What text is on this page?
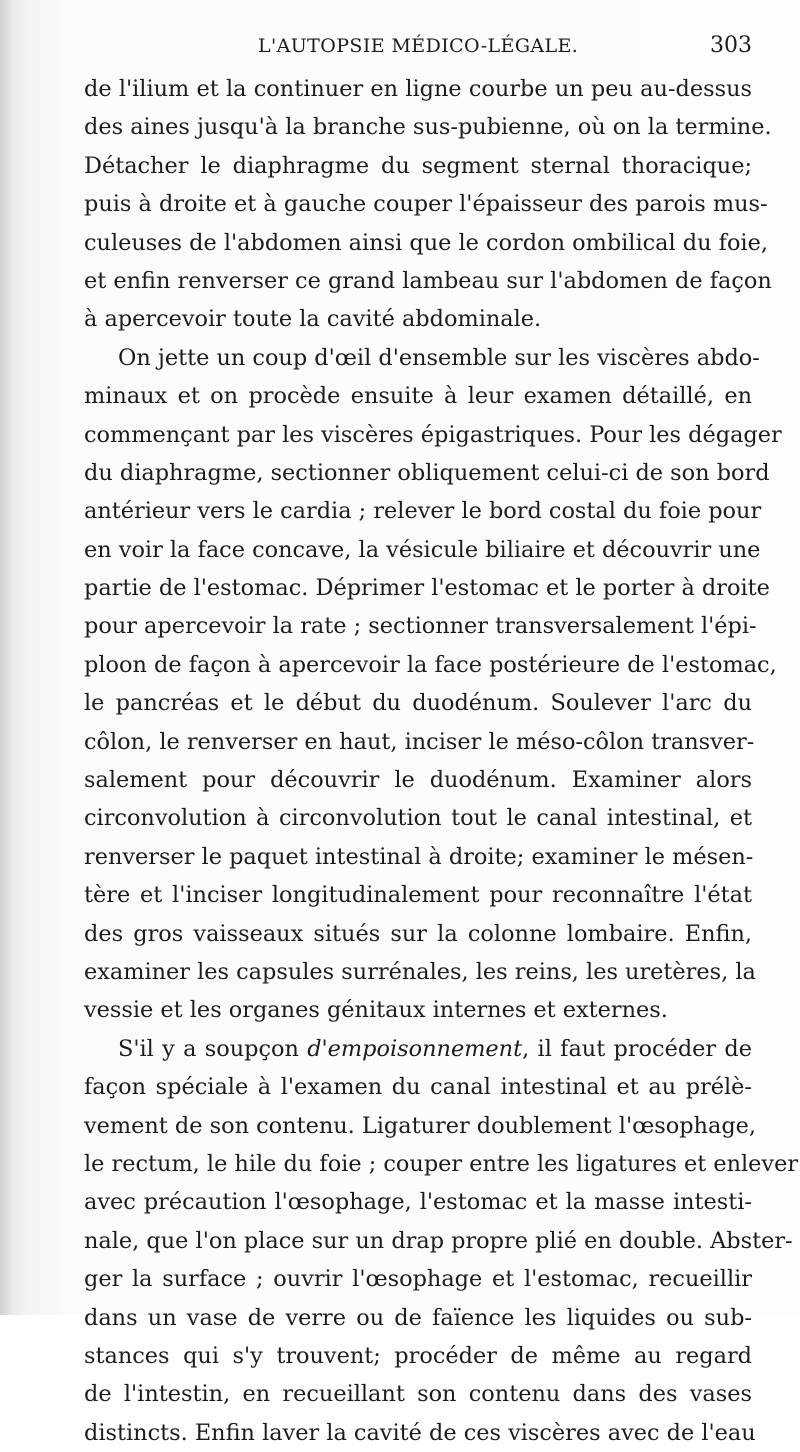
L'AUTOPSIE MÉDICO-LÉGALE.	303
de l'ilium et la continuer en ligne courbe un peu au-dessus
des aines jusqu'à la branche sus-pubienne, où on la termine.
Détacher le diaphragme du segment sternal thoracique;
puis à droite et à gauche couper l'épaisseur des parois mus-
culeuses de l'abdomen ainsi que le cordon ombilical du foie,
et enfin renverser ce grand lambeau sur l'abdomen de façon
à apercevoir toute la cavité abdominale.
On jette un coup d'œil d'ensemble sur les viscères abdo-
minaux et on procède ensuite à leur examen détaillé, en
commençant par les viscères épigastriques. Pour les dégager
du diaphragme, sectionner obliquement celui-ci de son bord
antérieur vers le cardia ; relever le bord costal du foie pour
en voir la face concave, la vésicule biliaire et découvrir une
partie de l'estomac. Déprimer l'estomac et le porter à droite
pour apercevoir la rate ; sectionner transversalement l'épi-
ploon de façon à apercevoir la face postérieure de l'estomac,
le pancréas et le début du duodénum. Soulever l'arc du
côlon, le renverser en haut, inciser le méso-côlon transver-
salement pour découvrir le duodénum. Examiner alors
circonvolution à circonvolution tout le canal intestinal, et
renverser le paquet intestinal à droite; examiner le mésen-
tère et l'inciser longitudinalement pour reconnaître l'état
des gros vaisseaux situés sur la colonne lombaire. Enfin,
examiner les capsules surrénales, les reins, les uretères, la
vessie et les organes génitaux internes et externes.
S'il y a soupçon d'empoisonnement, il faut procéder de
façon spéciale à l'examen du canal intestinal et au prélè-
vement de son contenu. Ligaturer doublement l'œsophage,
le rectum, le hile du foie ; couper entre les ligatures et enlever
avec précaution l'œsophage, l'estomac et la masse intesti-
nale, que l'on place sur un drap propre plié en double. Abster-
ger la surface ; ouvrir l'œsophage et l'estomac, recueillir
dans un vase de verre ou de faïence les liquides ou sub-
stances qui s'y trouvent; procéder de même au regard
de l'intestin, en recueillant son contenu dans des vases
distincts. Enfin laver la cavité de ces viscères avec de l'eau
